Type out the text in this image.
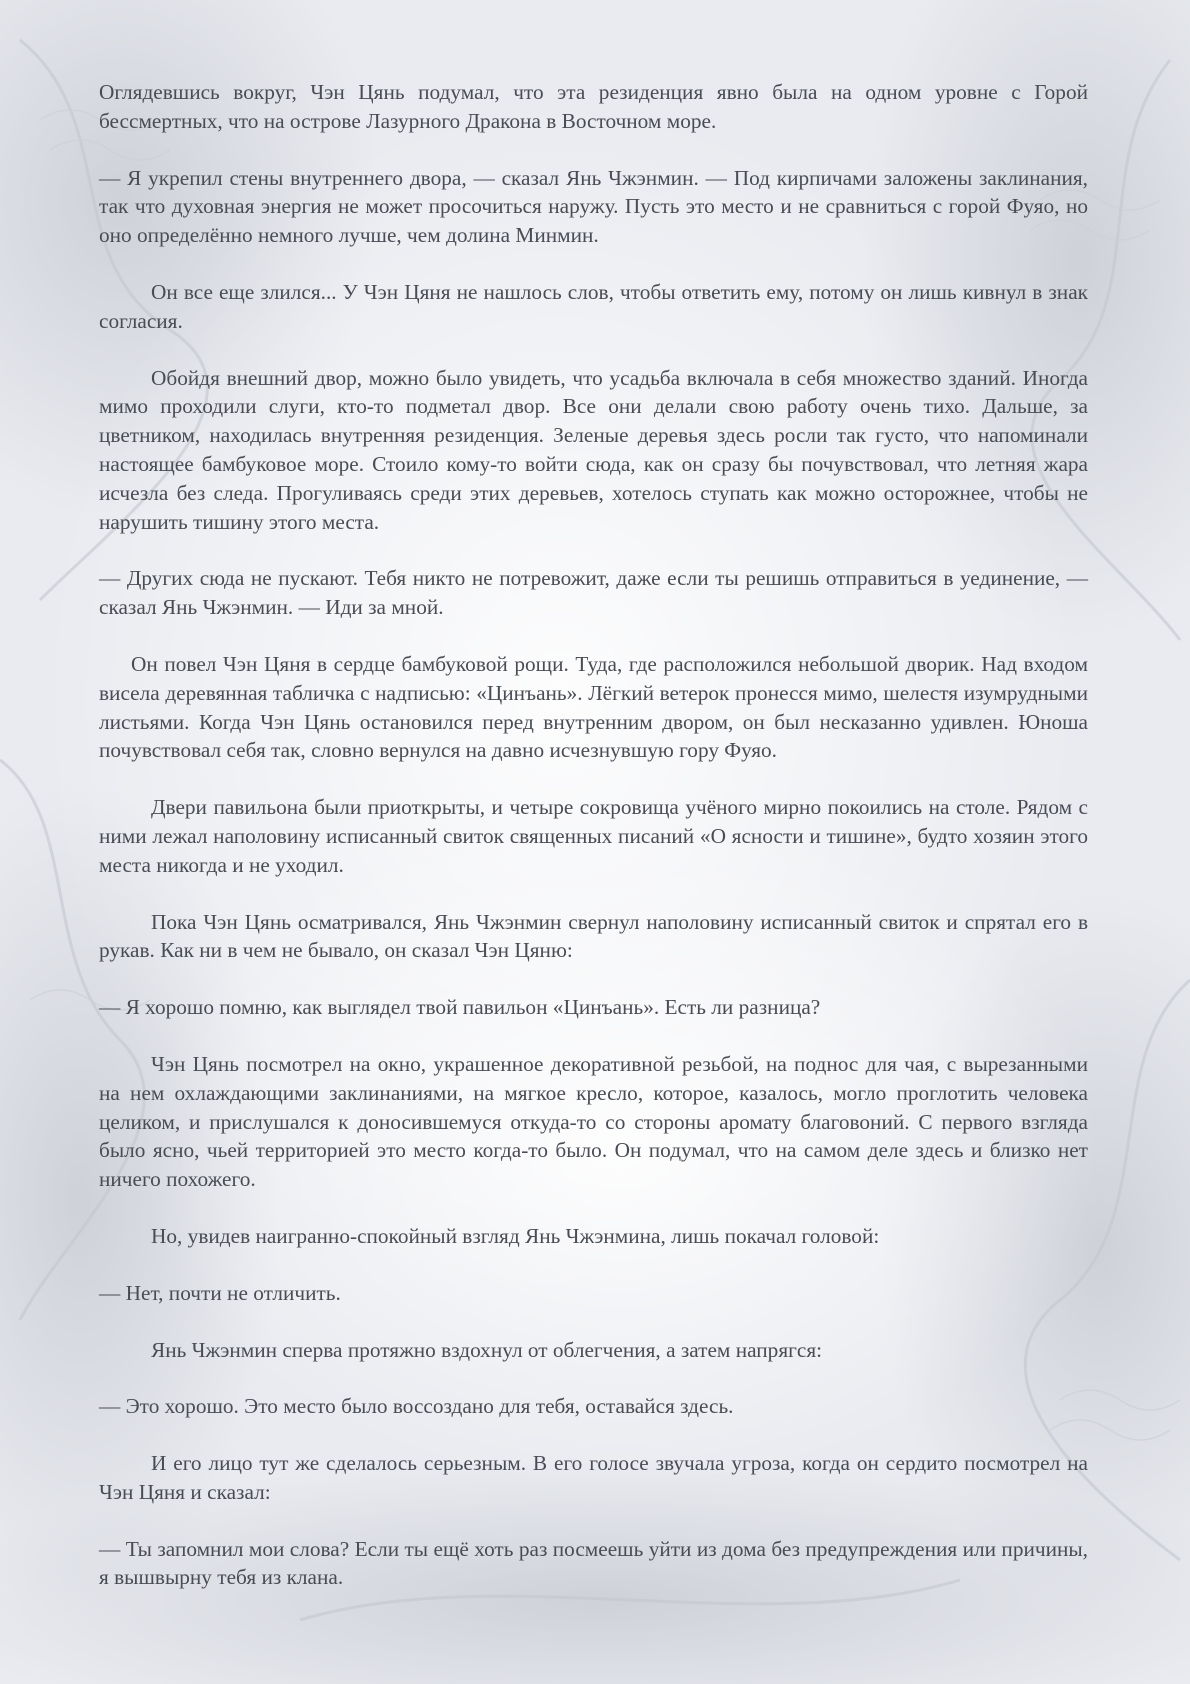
Оглядевшись вокруг, Чэн Цянь подумал, что эта резиденция явно была на одном уровне с Горой бессмертных, что на острове Лазурного Дракона в Восточном море.

— Я укрепил стены внутреннего двора, — сказал Янь Чжэнмин. — Под кирпичами заложены заклинания, так что духовная энергия не может просочиться наружу. Пусть это место и не сравниться с горой Фуяо, но оно определённо немного лучше, чем долина Минмин.

Он все еще злился... У Чэн Цяня не нашлось слов, чтобы ответить ему, потому он лишь кивнул в знак согласия.

Обойдя внешний двор, можно было увидеть, что усадьба включала в себя множество зданий. Иногда мимо проходили слуги, кто-то подметал двор. Все они делали свою работу очень тихо. Дальше, за цветником, находилась внутренняя резиденция. Зеленые деревья здесь росли так густо, что напоминали настоящее бамбуковое море. Стоило кому-то войти сюда, как он сразу бы почувствовал, что летняя жара исчезла без следа. Прогуливаясь среди этих деревьев, хотелось ступать как можно осторожнее, чтобы не нарушить тишину этого места.

— Других сюда не пускают. Тебя никто не потревожит, даже если ты решишь отправиться в уединение, — сказал Янь Чжэнмин. — Иди за мной.

Он повел Чэн Цяня в сердце бамбуковой рощи. Туда, где расположился небольшой дворик. Над входом висела деревянная табличка с надписью: «Цинъань». Лёгкий ветерок пронесся мимо, шелестя изумрудными листьями. Когда Чэн Цянь остановился перед внутренним двором, он был несказанно удивлен. Юноша почувствовал себя так, словно вернулся на давно исчезнувшую гору Фуяо.

Двери павильона были приоткрыты, и четыре сокровища учёного мирно покоились на столе. Рядом с ними лежал наполовину исписанный свиток священных писаний «О ясности и тишине», будто хозяин этого места никогда и не уходил.

Пока Чэн Цянь осматривался, Янь Чжэнмин свернул наполовину исписанный свиток и спрятал его в рукав. Как ни в чем не бывало, он сказал Чэн Цяню:

— Я хорошо помню, как выглядел твой павильон «Цинъань». Есть ли разница?

Чэн Цянь посмотрел на окно, украшенное декоративной резьбой, на поднос для чая, с вырезанными на нем охлаждающими заклинаниями, на мягкое кресло, которое, казалось, могло проглотить человека целиком, и прислушался к доносившемуся откуда-то со стороны аромату благовоний. С первого взгляда было ясно, чьей территорией это место когда-то было. Он подумал, что на самом деле здесь и близко нет ничего похожего.

Но, увидев наигранно-спокойный взгляд Янь Чжэнмина, лишь покачал головой:

— Нет, почти не отличить.

Янь Чжэнмин сперва протяжно вздохнул от облегчения, а затем напрягся:

— Это хорошо. Это место было воссоздано для тебя, оставайся здесь.

И его лицо тут же сделалось серьезным. В его голосе звучала угроза, когда он сердито посмотрел на Чэн Цяня и сказал:

— Ты запомнил мои слова? Если ты ещё хоть раз посмеешь уйти из дома без предупреждения или причины, я вышвырну тебя из клана.
